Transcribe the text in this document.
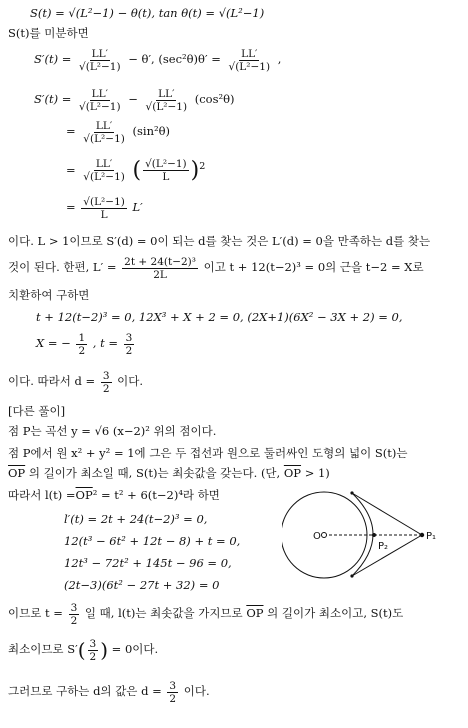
S(t) = √(L²−1) − θ(t), tan θ(t) = √(L²−1)
S(t)를 미분하면
$S'(t) = \frac{LL'}{\text{√(L²−1)}} - \theta'$, $(\sec^2\theta)\theta' = \frac{LL'}{\text{√(L²−1)}}$ ,
$S'(t) = \frac{LL'}{\text{√(L²−1)}} - \frac{LL'}{\text{√(L²−1)}} (\cos^2\theta)$
= $\frac{LL'}{\text{√(L²−1)}} (\sin^2\theta)$
= $\frac{LL'}{\text{√(L²−1)}}$ ( $\frac{\text{√(L²−1)}}{L} )^2$
= $\frac{\text{√(L²−1)}}{L} L'$
이다. L > 1이므로 S′(d) = 0이 되는 d를 찾는 것은 L′(d) = 0을 만족하는 d를 찾는
것이 된다. 한편, $L' = \frac{\text{2t + 24(t−2)³}}{2L}$ 이고 t + 12(t−2)³ = 0의 근을 t−2 = X로
치환하여 구하면
t + 12(t−2)³ = 0, 12X³ + X + 2 = 0, (2X+1)(6X² − 3X + 2) = 0,
X = − $\frac{1}{2}$ , $t = \frac{3}{2}$
이다. 따라서 $d = \frac{3}{2}$ 이다.
[다른 풀이]
점 P는 곡선 y = √6 (x−2)² 위의 점이다.
점 P에서 원 x² + y² = 1에 그은 두 접선과 원으로 둘러싸인 도형의 넓이 S(t)는
$\overline{OP}$ 의 길이가 최소일 때, S(t)는 최솟값을 갖는다. (단, $\overline{OP} > 1$)
따라서 $l(t) =\overline{OP}^2 = t^2 + 6(t-2)^4$라 하면
l′(t) = 2t + 24(t−2)³ = 0,
12(t³ − 6t² + 12t − 8) + t = 0,
12t³ − 72t² + 145t − 96 = 0,
(2t−3)(6t² − 27t + 32) = 0
O	P₁
P₂
이므로 $t = \frac{3}{2}$ 일 때, l(t)는 최솟값을 가지므로 $\overline{OP}$ 의 길이가 최소이고, S(t)도
최소이므로 $S'( \frac{3}{2}$ ) = 0이다.
그러므로 구하는 d의 값은 $d = \frac{3}{2}$ 이다.
